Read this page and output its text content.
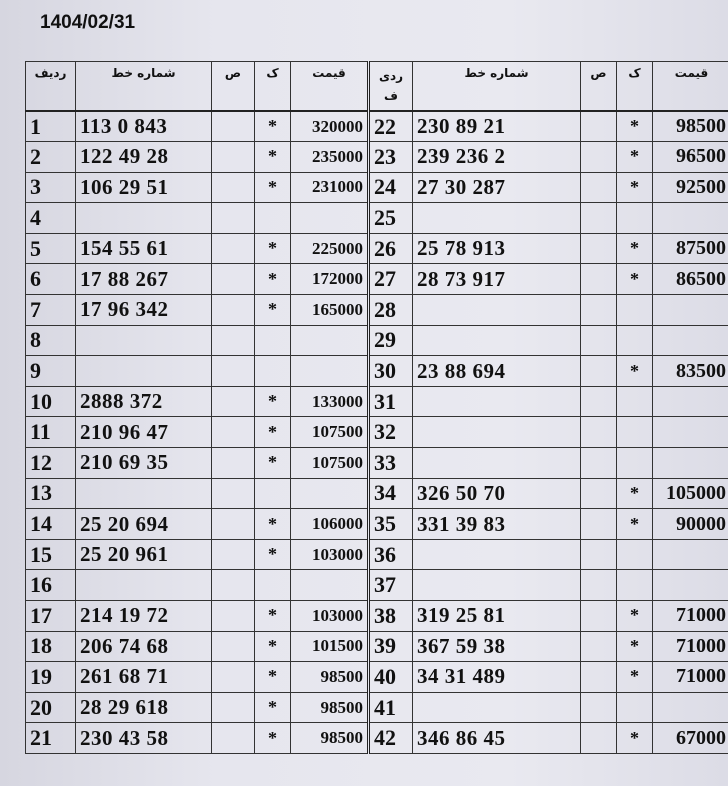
1404/02/31
ردیف	شماره خط	ص	ک	قیمت	ردی ف	شماره خط	ص	ک	قیمت
1	113 0 843		*	320000	22	230 89 21		*	98500
2	122 49 28		*	235000	23	239 236 2		*	96500
3	106 29 51		*	231000	24	27 30 287		*	92500
4					25				
5	154 55 61		*	225000	26	25 78 913		*	87500
6	17 88 267		*	172000	27	28 73 917		*	86500
7	17 96 342		*	165000	28				
8					29				
9					30	23 88 694		*	83500
10	2888 372		*	133000	31				
11	210 96 47		*	107500	32				
12	210 69 35		*	107500	33				
13					34	326 50 70		*	105000
14	25 20 694		*	106000	35	331 39 83		*	90000
15	25 20 961		*	103000	36				
16					37				
17	214 19 72		*	103000	38	319 25 81		*	71000
18	206 74 68		*	101500	39	367 59 38		*	71000
19	261 68 71		*	98500	40	34 31 489		*	71000
20	28 29 618		*	98500	41				
21	230 43 58		*	98500	42	346 86 45		*	67000
